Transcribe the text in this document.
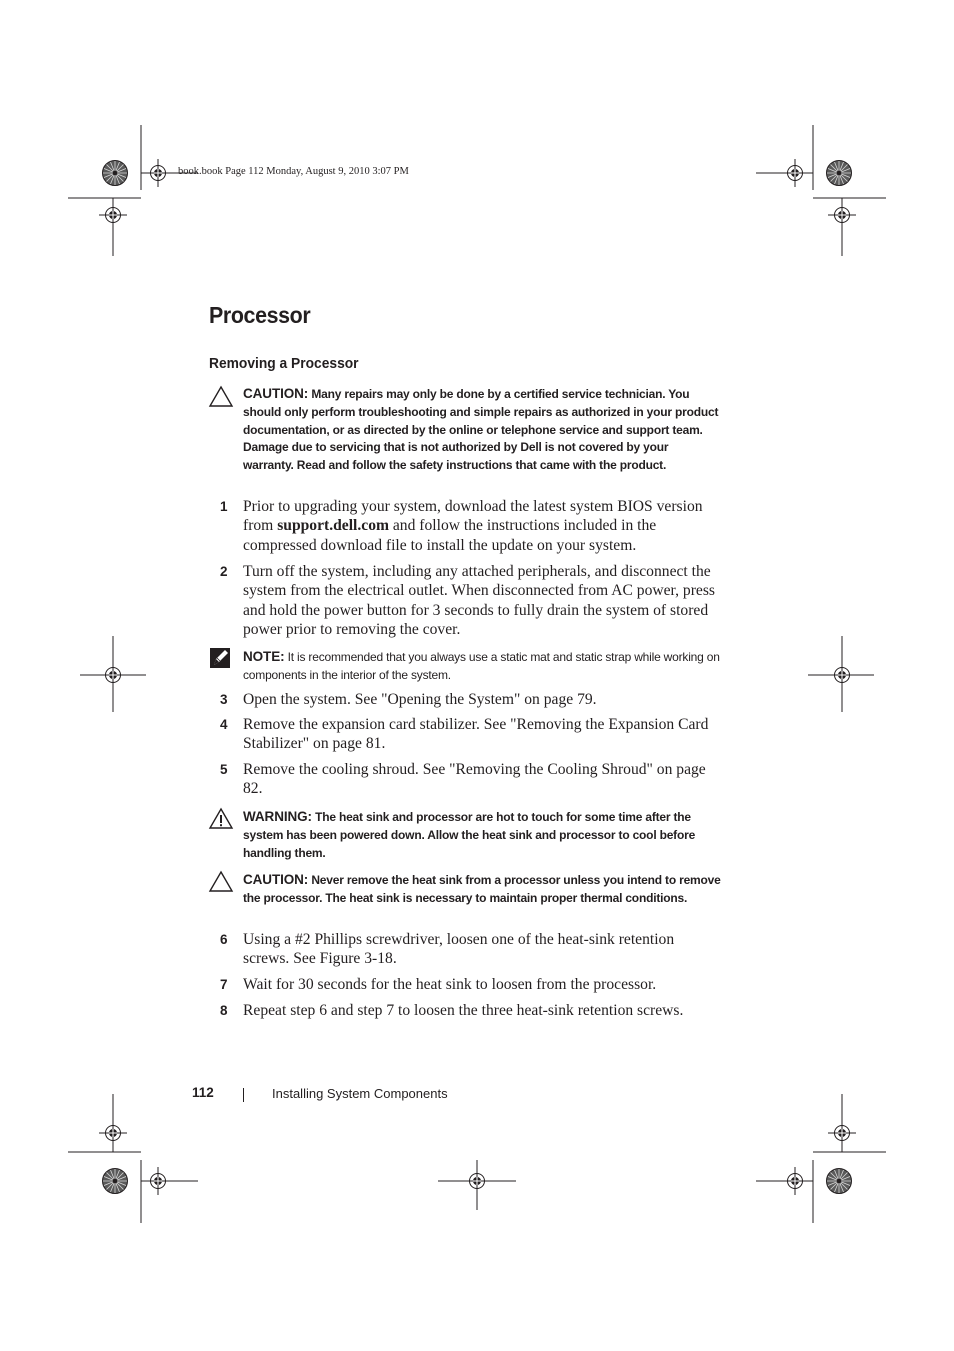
book.book Page 112 Monday, August 9, 2010 3:07 PM
Processor
Removing a Processor
CAUTION: Many repairs may only be done by a certified service technician. You should only perform troubleshooting and simple repairs as authorized in your product documentation, or as directed by the online or telephone service and support team. Damage due to servicing that is not authorized by Dell is not covered by your warranty. Read and follow the safety instructions that came with the product.
1 Prior to upgrading your system, download the latest system BIOS version from support.dell.com and follow the instructions included in the compressed download file to install the update on your system.
2 Turn off the system, including any attached peripherals, and disconnect the system from the electrical outlet. When disconnected from AC power, press and hold the power button for 3 seconds to fully drain the system of stored power prior to removing the cover.
NOTE: It is recommended that you always use a static mat and static strap while working on components in the interior of the system.
3 Open the system. See "Opening the System" on page 79.
4 Remove the expansion card stabilizer. See "Removing the Expansion Card Stabilizer" on page 81.
5 Remove the cooling shroud. See "Removing the Cooling Shroud" on page 82.
WARNING: The heat sink and processor are hot to touch for some time after the system has been powered down. Allow the heat sink and processor to cool before handling them.
CAUTION: Never remove the heat sink from a processor unless you intend to remove the processor. The heat sink is necessary to maintain proper thermal conditions.
6 Using a #2 Phillips screwdriver, loosen one of the heat-sink retention screws. See Figure 3-18.
7 Wait for 30 seconds for the heat sink to loosen from the processor.
8 Repeat step 6 and step 7 to loosen the three heat-sink retention screws.
112	Installing System Components
